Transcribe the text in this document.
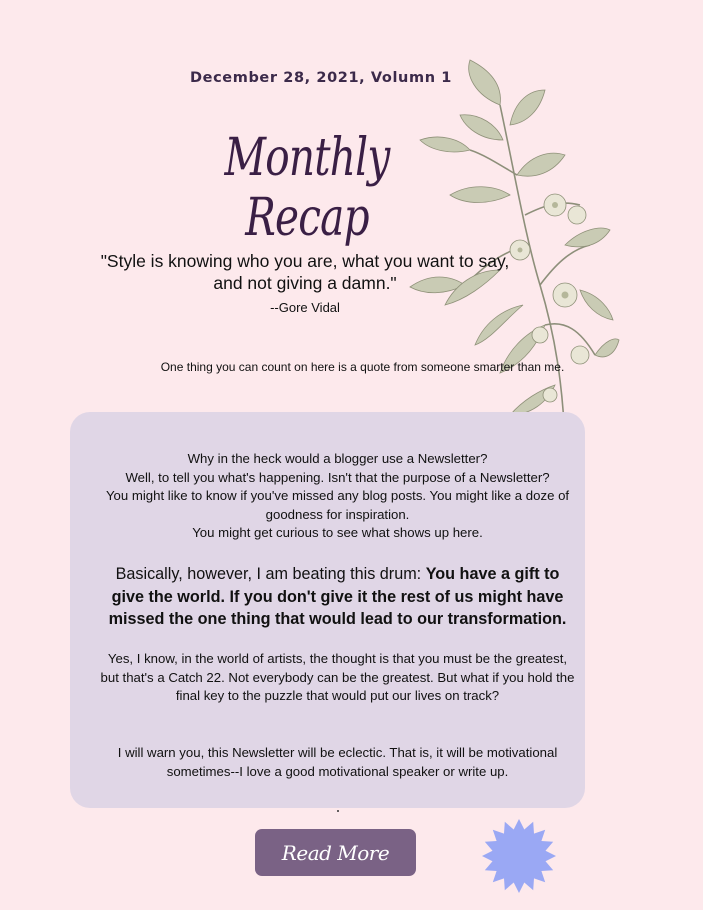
December 28, 2021, Volumn 1
Monthly Recap
"Style is knowing who you are, what you want to say, and not giving a damn."
--Gore Vidal
One thing you can count on here is a quote from someone smarter than me.

Why in the heck would a blogger use a Newsletter?

Well, to tell you what's happening. Isn't that the purpose of a Newsletter?

You might like to know if you've missed any blog posts. You might like a doze of goodness for inspiration.

You might get curious to see what shows up here.

Basically, however, I am beating this drum: You have a gift to give the world. If you don't give it the rest of us might have missed the one thing that would lead to our transformation.
Yes, I know, in the world of artists, the thought is that you must be the greatest, but that's a Catch 22. Not everybody can be the greatest. But what if you hold the final key to the puzzle that would put our lives on track?
I will warn you, this Newsletter will be eclectic. That is, it will be motivational sometimes--I love a good motivational speaker or write up.
Read More
